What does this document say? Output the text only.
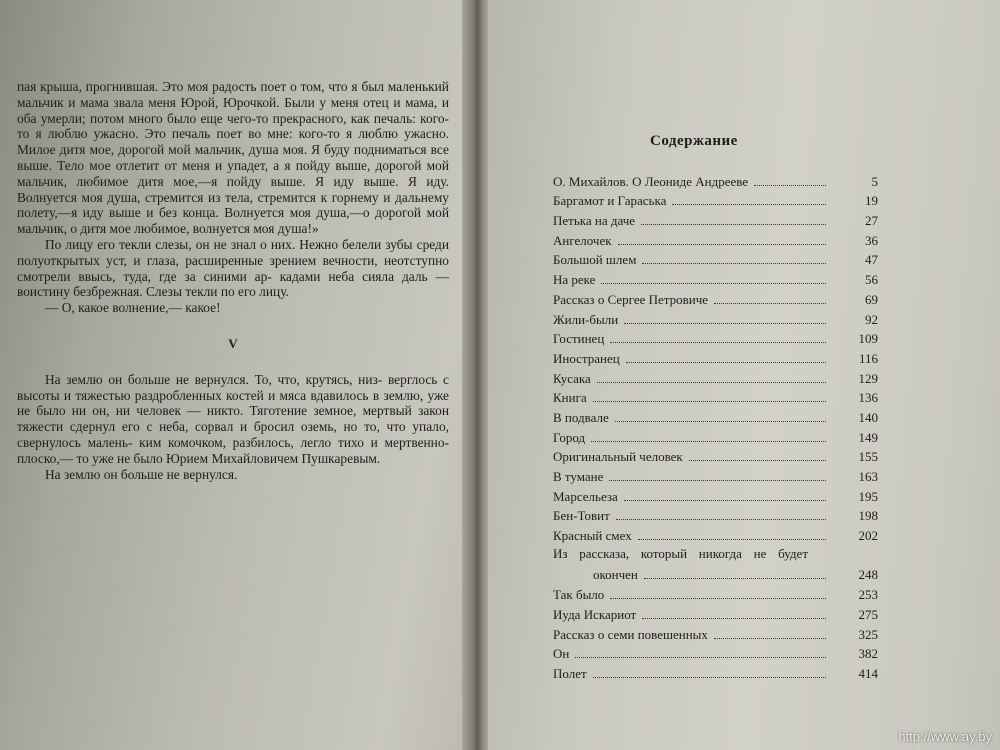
пая крыша, прогнившая. Это моя радость поет о том, что я был маленький мальчик и мама звала меня Юрой, Юрочкой. Были у меня отец и мама, и оба умерли; потом много было еще чего-то прекрасного, как печаль: кого-то я люблю ужасно. Это печаль поет во мне: кого-то я люблю ужасно. Милое дитя мое, дорогой мой мальчик, душа моя. Я буду подниматься все выше. Тело мое отлетит от меня и упадет, а я пойду выше, дорогой мой мальчик, любимое дитя мое,—я пойду выше. Я иду выше. Я иду. Волнуется моя душа, стремится из тела, стремится к горнему и дальнему полету,—я иду выше и без конца. Волнуется моя душа,—о дорогой мой мальчик, о дитя мое любимое, волнуется моя душа!»

По лицу его текли слезы, он не знал о них. Нежно белели зубы среди полуоткрытых уст, и глаза, расширенные зрением вечности, неотступно смотрели ввысь, туда, где за синими ар- кадами неба сияла даль — воистину безбрежная. Слезы текли по его лицу.

— О, какое волнение,— какое!

V

На землю он больше не вернулся. То, что, крутясь, низ- верглось с высоты и тяжестью раздробленных костей и мяса вдавилось в землю, уже не было ни он, ни человек — никто. Тяготение земное, мертвый закон тяжести сдернул его с неба, сорвал и бросил оземь, но то, что упало, свернулось малень- ким комочком, разбилось, легло тихо и мертвенно-плоско,— то уже не было Юрием Михайловичем Пушкаревым.

На землю он больше не вернулся.

Содержание
О. Михайлов. О Леониде Андрееве	5
Баргамот и Гараська	19
Петька на даче	27
Ангелочек	36
Большой шлем	47
На реке	56
Рассказ о Сергее Петровиче	69
Жили-были	92
Гостинец	109
Иностранец	116
Кусака	129
Книга	136
В подвале	140
Город	149
Оригинальный человек	155
В тумане	163
Марсельеза	195
Бен-Товит	198
Красный смех	202
Из рассказа, который никогда не будет
окончен	248
Так было	253
Иуда Искариот	275
Рассказ о семи повешенных	325
Он	382
Полет	414
http://www.ay.by
